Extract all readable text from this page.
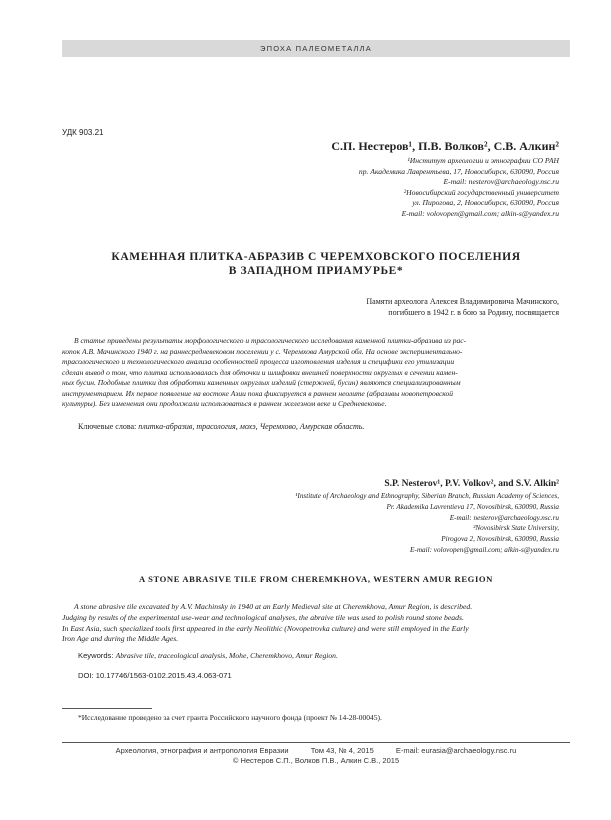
ЭПОХА ПАЛЕОМЕТАЛЛА
УДК 903.21
С.П. Нестеров¹, П.В. Волков², С.В. Алкин²
¹Институт археологии и этнографии СО РАН
пр. Академика Лаврентьева, 17, Новосибирск, 630090, Россия
E-mail: nesterov@archaeology.nsc.ru
²Новосибирский государственный университет
ул. Пирогова, 2, Новосибирск, 630090, Россия
E-mail: volovopen@gmail.com; alkin-s@yandex.ru
КАМЕННАЯ ПЛИТКА-АБРАЗИВ С ЧЕРЕМХОВСКОГО ПОСЕЛЕНИЯ
В ЗАПАДНОМ ПРИАМУРЬЕ*
Памяти археолога Алексея Владимировича Мачинского,
погибшего в 1942 г. в бою за Родину, посвящается
В статье приведены результаты морфологического и трасологического исследования каменной плитки-абразива из рас-
копок А.В. Мачинского 1940 г. на раннесредневековом поселении у с. Черемхова Амурской обл. На основе экспериментально-
трасологического и технологического анализа особенностей процесса изготовления изделия и специфики его утилизации
сделан вывод о том, что плитка использовалась для обточки и шлифовки внешней поверхности округлых в сечении камен-
ных бусин. Подобные плитки для обработки каменных округлых изделий (стержней, бусин) являются специализированным
инструментарием. Их первое появление на востоке Азии пока фиксируется в раннем неолите (абразивы новопетровской
культуры). Без изменения они продолжали использоваться в раннем железном веке и Средневековье.
Ключевые слова: плитка-абразив, трасология, мохэ, Черемхово, Амурская область.
S.P. Nesterov¹, P.V. Volkov², and S.V. Alkin²
¹Institute of Archaeology and Ethnography, Siberian Branch, Russian Academy of Sciences,
Pr. Akademika Lavrentieva 17, Novosibirsk, 630090, Russia
E-mail: nesterov@archaeology.nsc.ru
²Novosibirsk State University,
Pirogova 2, Novosibirsk, 630090, Russia
E-mail: volovopen@gmail.com; alkin-s@yandex.ru
A STONE ABRASIVE TILE FROM CHEREMKHOVA, WESTERN AMUR REGION
A stone abrasive tile excavated by A.V. Machinsky in 1940 at an Early Medieval site at Cheremkhova, Amur Region, is described.
Judging by results of the experimental use-wear and technological analyses, the abraive tile was used to polish round stone beads.
In East Asia, such specialized tools first appeared in the early Neolithic (Novopetrovka culture) and were still employed in the Early
Iron Age and during the Middle Ages.
Keywords: Abrasive tile, traceological analysis, Mohe, Cheremkhovo, Amur Region.
DOI: 10.17746/1563-0102.2015.43.4.063-071
*Исследование проведено за счет гранта Российского научного фонда (проект № 14-28-00045).
Археология, этнография и антропология Евразии	Том 43, № 4, 2015	E-mail: eurasia@archaeology.nsc.ru
© Нестеров С.П., Волков П.В., Алкин С.В., 2015
